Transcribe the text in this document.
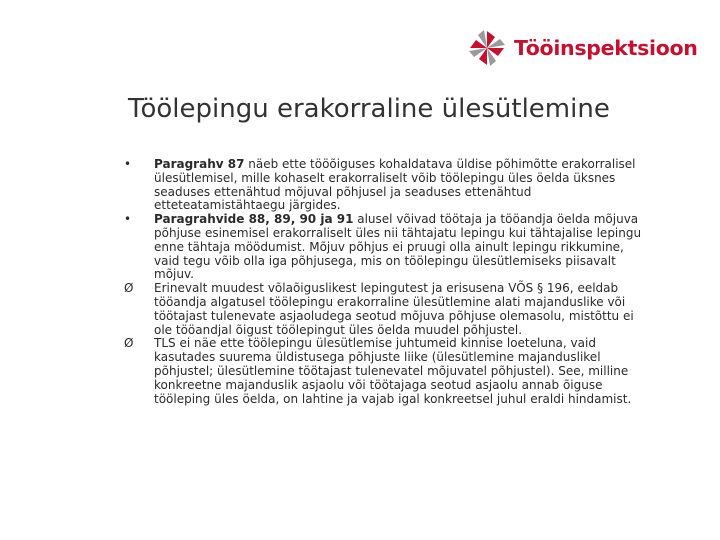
Tööinspektsioon
Töölepingu erakorraline ülesütlemine
•	Paragrahv 87 näeb ette tööõiguses kohaldatava üldise põhimõtte erakorralisel ülesütlemisel, mille kohaselt erakorraliselt võib töölepingu üles öelda üksnes seaduses ettenähtud mõjuval põhjusel ja seaduses ettenähtud etteteatamistähtaegu järgides.
•	Paragrahvide 88, 89, 90 ja 91 alusel võivad töötaja ja tööandja öelda mõjuva põhjuse esinemisel erakorraliselt üles nii tähtajatu lepingu kui tähtajalise lepingu enne tähtaja möödumist. Mõjuv põhjus ei pruugi olla ainult lepingu rikkumine, vaid tegu võib olla iga põhjusega, mis on töölepingu ülesütlemiseks piisavalt mõjuv.
Ø	Erinevalt muudest võlaõiguslikest lepingutest ja erisusena VÕS § 196, eeldab tööandja algatusel töölepingu erakorraline ülesütlemine alati majanduslike või töötajast tulenevate asjaoludega seotud mõjuva põhjuse olemasolu, mistõttu ei ole tööandjal õigust töölepingut üles öelda muudel põhjustel.
Ø	TLS ei näe ette töölepingu ülesütlemise juhtumeid kinnise loeteluna, vaid kasutades suurema üldistusega põhjuste liike (ülesütlemine majanduslikel põhjustel; ülesütlemine töötajast tulenevatel mõjuvatel põhjustel). See, milline konkreetne majanduslik asjaolu või töötajaga seotud asjaolu annab õiguse tööleping üles öelda, on lahtine ja vajab igal konkreetsel juhul eraldi hindamist.
